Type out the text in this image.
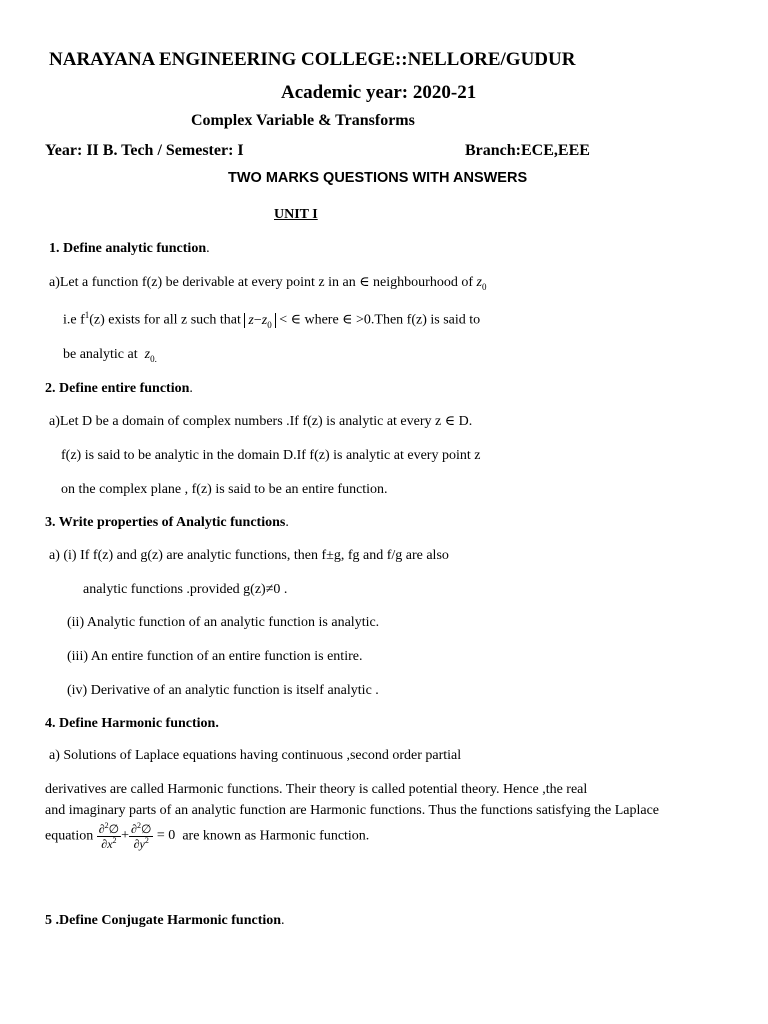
NARAYANA ENGINEERING COLLEGE::NELLORE/GUDUR
Academic year: 2020-21
Complex Variable & Transforms
Year: II B. Tech / Semester: I	Branch:ECE,EEE
TWO MARKS QUESTIONS WITH ANSWERS
UNIT I
1. Define analytic function.
a)Let a function f(z) be derivable at every point z in an ∈ neighbourhood of $z_0$
i.e $f^1(z)$ exists for all z such that $z-z_0$ < ∈ where ∈ >0.Then f(z) is said to
be analytic at $z_{0.}$
2. Define entire function.
a)Let D be a domain of complex numbers .If f(z) is analytic at every z ∈ D.
f(z) is said to be analytic in the domain D.If f(z) is analytic at every point z
on the complex plane , f(z) is said to be an entire function.
3. Write properties of Analytic functions.
a) (i) If f(z) and g(z) are analytic functions, then f±g, fg and f/g are also
analytic functions .provided g(z)≠0 .
(ii) Analytic function of an analytic function is analytic.
(iii) An entire function of an entire function is entire.
(iv) Derivative of an analytic function is itself analytic .
4. Define Harmonic function.
a) Solutions of Laplace equations having continuous ,second order partial
derivatives are called Harmonic functions. Their theory is called potential theory. Hence ,the real
and imaginary parts of an analytic function are Harmonic functions. Thus the functions satisfying the Laplace
equation $\frac{\partial^2\emptyset}{\partial x^2} + \frac{\partial^2\emptyset}{\partial y^2} = 0$  are known as Harmonic function.
5 .Define Conjugate Harmonic function.
